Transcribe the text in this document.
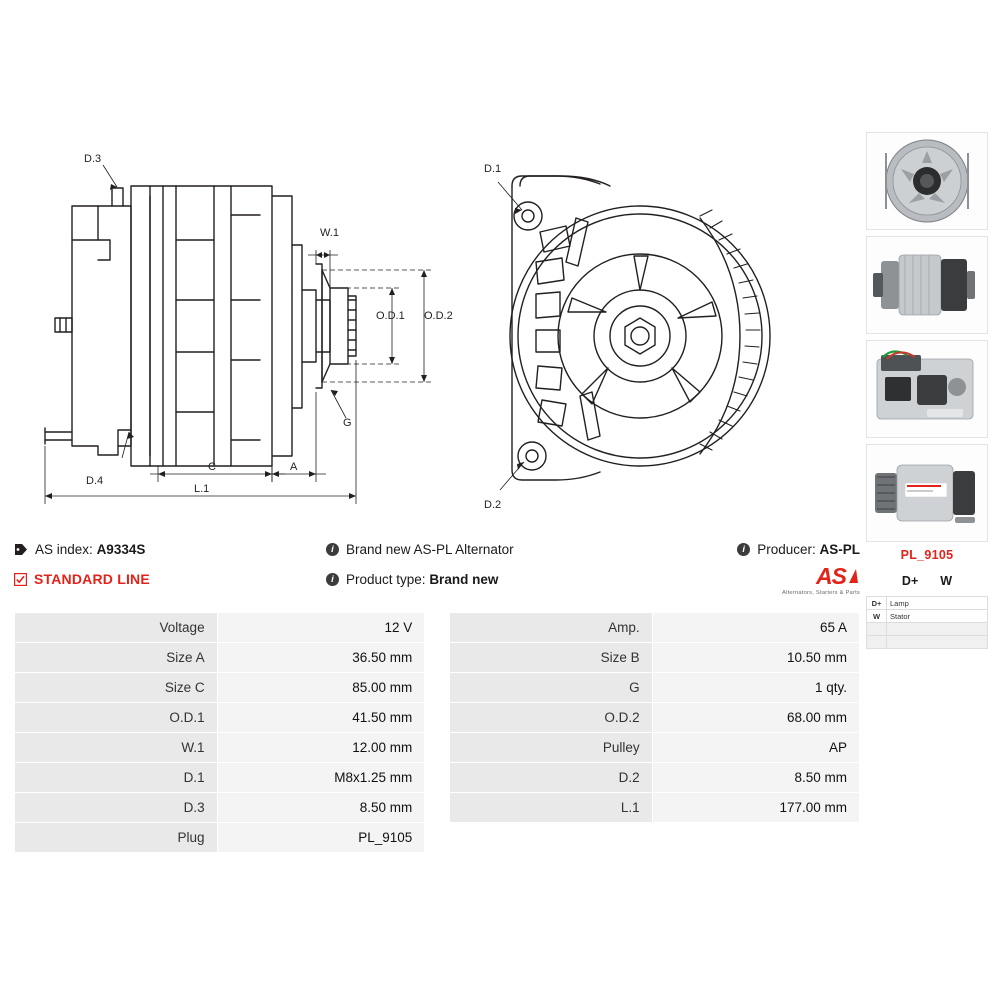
D.3
D.4
W.1
O.D.1 O.D.2
G
C	A
L.1
D.1
D.2
AS index:
A9334S	i Brand new AS-PL Alternator	i Producer:
AS-PL
STANDARD LINE	i Product type:
Brand new	AS
Alternators, Starters & Parts
Voltage	12 V		Amp.	65 A
Size A	36.50 mm		Size B	10.50 mm
Size C	85.00 mm		G	1 qty.
O.D.1	41.50 mm		O.D.2	68.00 mm
W.1	12.00 mm		Pulley	AP
D.1	M8x1.25 mm		D.2	8.50 mm
D.3	8.50 mm		L.1	177.00 mm
Plug	PL_9105			
PL_9105
D+ W
D+	Lamp
W	Stator
